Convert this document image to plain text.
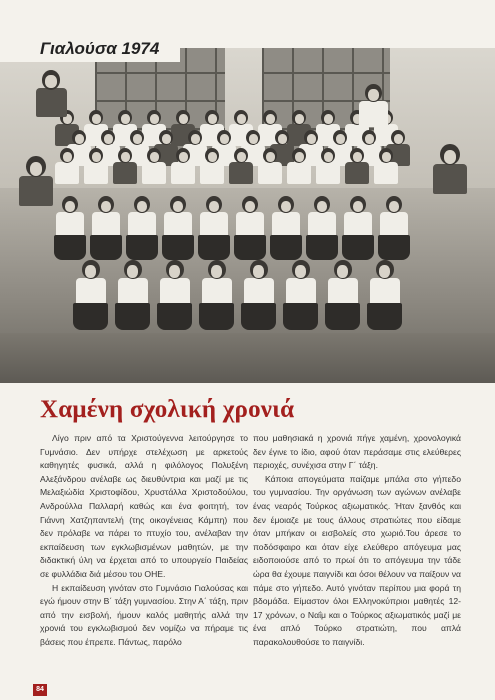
Γιαλούσα 1974
Χαμένη σχολική χρονιά

Λίγο πριν από τα Χριστούγεννα λειτούργησε το Γυμνάσιο. Δεν υπήρχε στελέχωση με αρκετούς καθηγητές φυσικά, αλλά η φιλόλογος Πολυξένη Αλεξάνδρου ανέλαβε ως διευθύντρια και μαζί με τις Μελαξιώδία Χριστοφίδου, Χρυστάλλα Χριστοδούλου, Ανδρούλλα Παλλαρή καθώς και ένα φοιτητή, τον Γιάννη Χατζηπαντελή (της οικογένειας Κάμπη) που δεν πρόλαβε να πάρει το πτυχίο του, ανέλαβαν την εκπαίδευση των εγκλωβισμένων μαθητών, με την διδακτική ύλη να έρχεται από το υπουργείο Παιδείας σε φυλλάδια διά μέσου του ΟΗΕ.

Η εκπαίδευση γινόταν στο Γυμνάσιο Γιαλούσας και εγώ ήμουν στην Β΄ τάξη γυμνασίου. Στην Α΄ τάξη, πριν από την εισβολή, ήμουν καλός μαθητής αλλά την χρονιά του εγκλωβισμού δεν νομίζω να πήραμε τις βάσεις που έπρεπε. Πάντως, παρόλο

που μαθησιακά η χρονιά πήγε χαμένη, χρονολογικά δεν έγινε το ίδιο, αφού όταν περάσαμε στις ελεύθερες περιοχές, συνέχισα στην Γ΄ τάξη.

Κάποια απογεύματα παίζαμε μπάλα στο γήπεδο του γυμνασίου. Την οργάνωση των αγώνων ανέλαβε ένας νεαρός Τούρκος αξιωματικός. Ήταν ξανθός και δεν έμοιαζε με τους άλλους στρατιώτες που είδαμε όταν μπήκαν οι εισβολείς στο χωριό.Του άρεσε το ποδόσφαιρο και όταν είχε ελεύθερο απόγευμα μας ειδοποιούσε από το πρωί ότι το απόγευμα την τάδε ώρα θα έχουμε παιγνίδι και όσοι θέλουν να παίξουν να πάμε στο γήπεδο. Αυτό γινόταν περίπου μια φορά τη βδομάδα. Είμαστον όλοι Ελληνοκύπριοι μαθητές 12-17 χρόνων, ο Ναΐμ και ο Τούρκος αξιωματικός μαζί με ένα απλό Τούρκο στρατιώτη, που απλά παρακολουθούσε το παιγνίδι.

84
